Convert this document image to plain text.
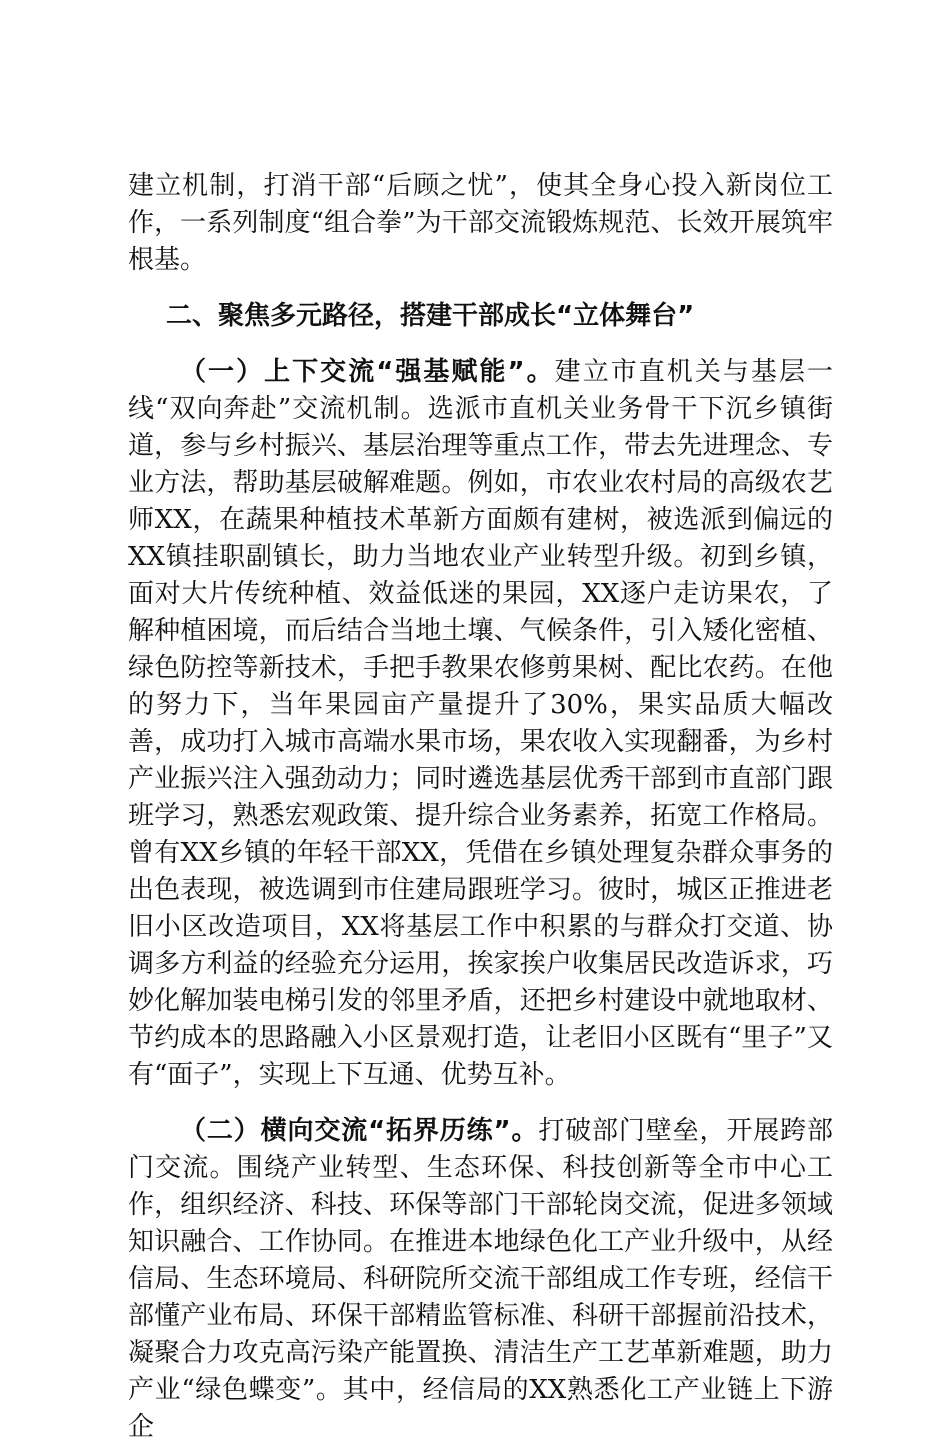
建立机制，打消干部“后顾之忧”，使其全身心投入新岗位工作，一系列制度“组合拳”为干部交流锻炼规范、长效开展筑牢根基。

二、聚焦多元路径，搭建干部成长“立体舞台”

（一）上下交流“强基赋能”。建立市直机关与基层一线“双向奔赴”交流机制。选派市直机关业务骨干下沉乡镇街道，参与乡村振兴、基层治理等重点工作，带去先进理念、专业方法，帮助基层破解难题。例如，市农业农村局的高级农艺师XX，在蔬果种植技术革新方面颇有建树，被选派到偏远的XX镇挂职副镇长，助力当地农业产业转型升级。初到乡镇，面对大片传统种植、效益低迷的果园，XX逐户走访果农，了解种植困境，而后结合当地土壤、气候条件，引入矮化密植、绿色防控等新技术，手把手教果农修剪果树、配比农药。在他的努力下，当年果园亩产量提升了30%，果实品质大幅改善，成功打入城市高端水果市场，果农收入实现翻番，为乡村产业振兴注入强劲动力；同时遴选基层优秀干部到市直部门跟班学习，熟悉宏观政策、提升综合业务素养，拓宽工作格局。曾有XX乡镇的年轻干部XX，凭借在乡镇处理复杂群众事务的出色表现，被选调到市住建局跟班学习。彼时，城区正推进老旧小区改造项目，XX将基层工作中积累的与群众打交道、协调多方利益的经验充分运用，挨家挨户收集居民改造诉求，巧妙化解加装电梯引发的邻里矛盾，还把乡村建设中就地取材、节约成本的思路融入小区景观打造，让老旧小区既有“里子”又有“面子”，实现上下互通、优势互补。

（二）横向交流“拓界历练”。打破部门壁垒，开展跨部门交流。围绕产业转型、生态环保、科技创新等全市中心工作，组织经济、科技、环保等部门干部轮岗交流，促进多领域知识融合、工作协同。在推进本地绿色化工产业升级中，从经信局、生态环境局、科研院所交流干部组成工作专班，经信干部懂产业布局、环保干部精监管标准、科研干部握前沿技术，凝聚合力攻克高污染产能置换、清洁生产工艺革新难题，助力产业“绿色蝶变”。其中，经信局的XX熟悉化工产业链上下游企
